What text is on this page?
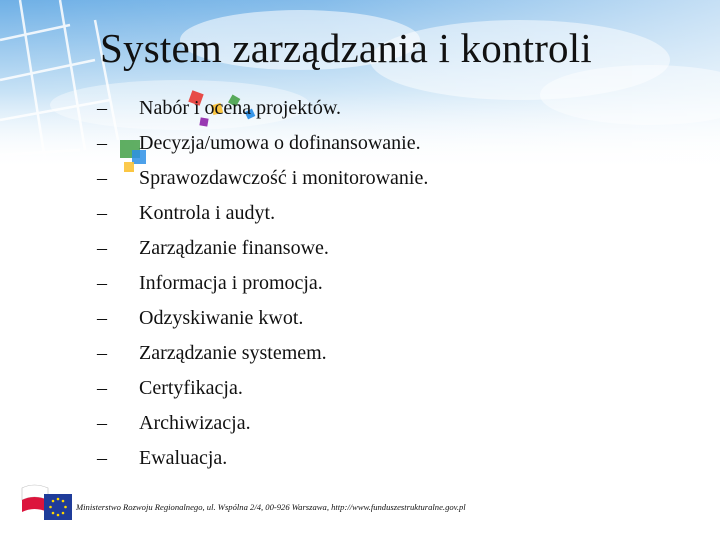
System zarządzania i kontroli
– Nabór i ocena projektów.
– Decyzja/umowa o dofinansowanie.
– Sprawozdawczość i monitorowanie.
– Kontrola i audyt.
– Zarządzanie finansowe.
– Informacja i promocja.
– Odzyskiwanie kwot.
– Zarządzanie systemem.
– Certyfikacja.
– Archiwizacja.
– Ewaluacja.
Ministerstwo Rozwoju Regionalnego, ul. Wspólna 2/4, 00-926 Warszawa, http://www.funduszestrukturalne.gov.pl
